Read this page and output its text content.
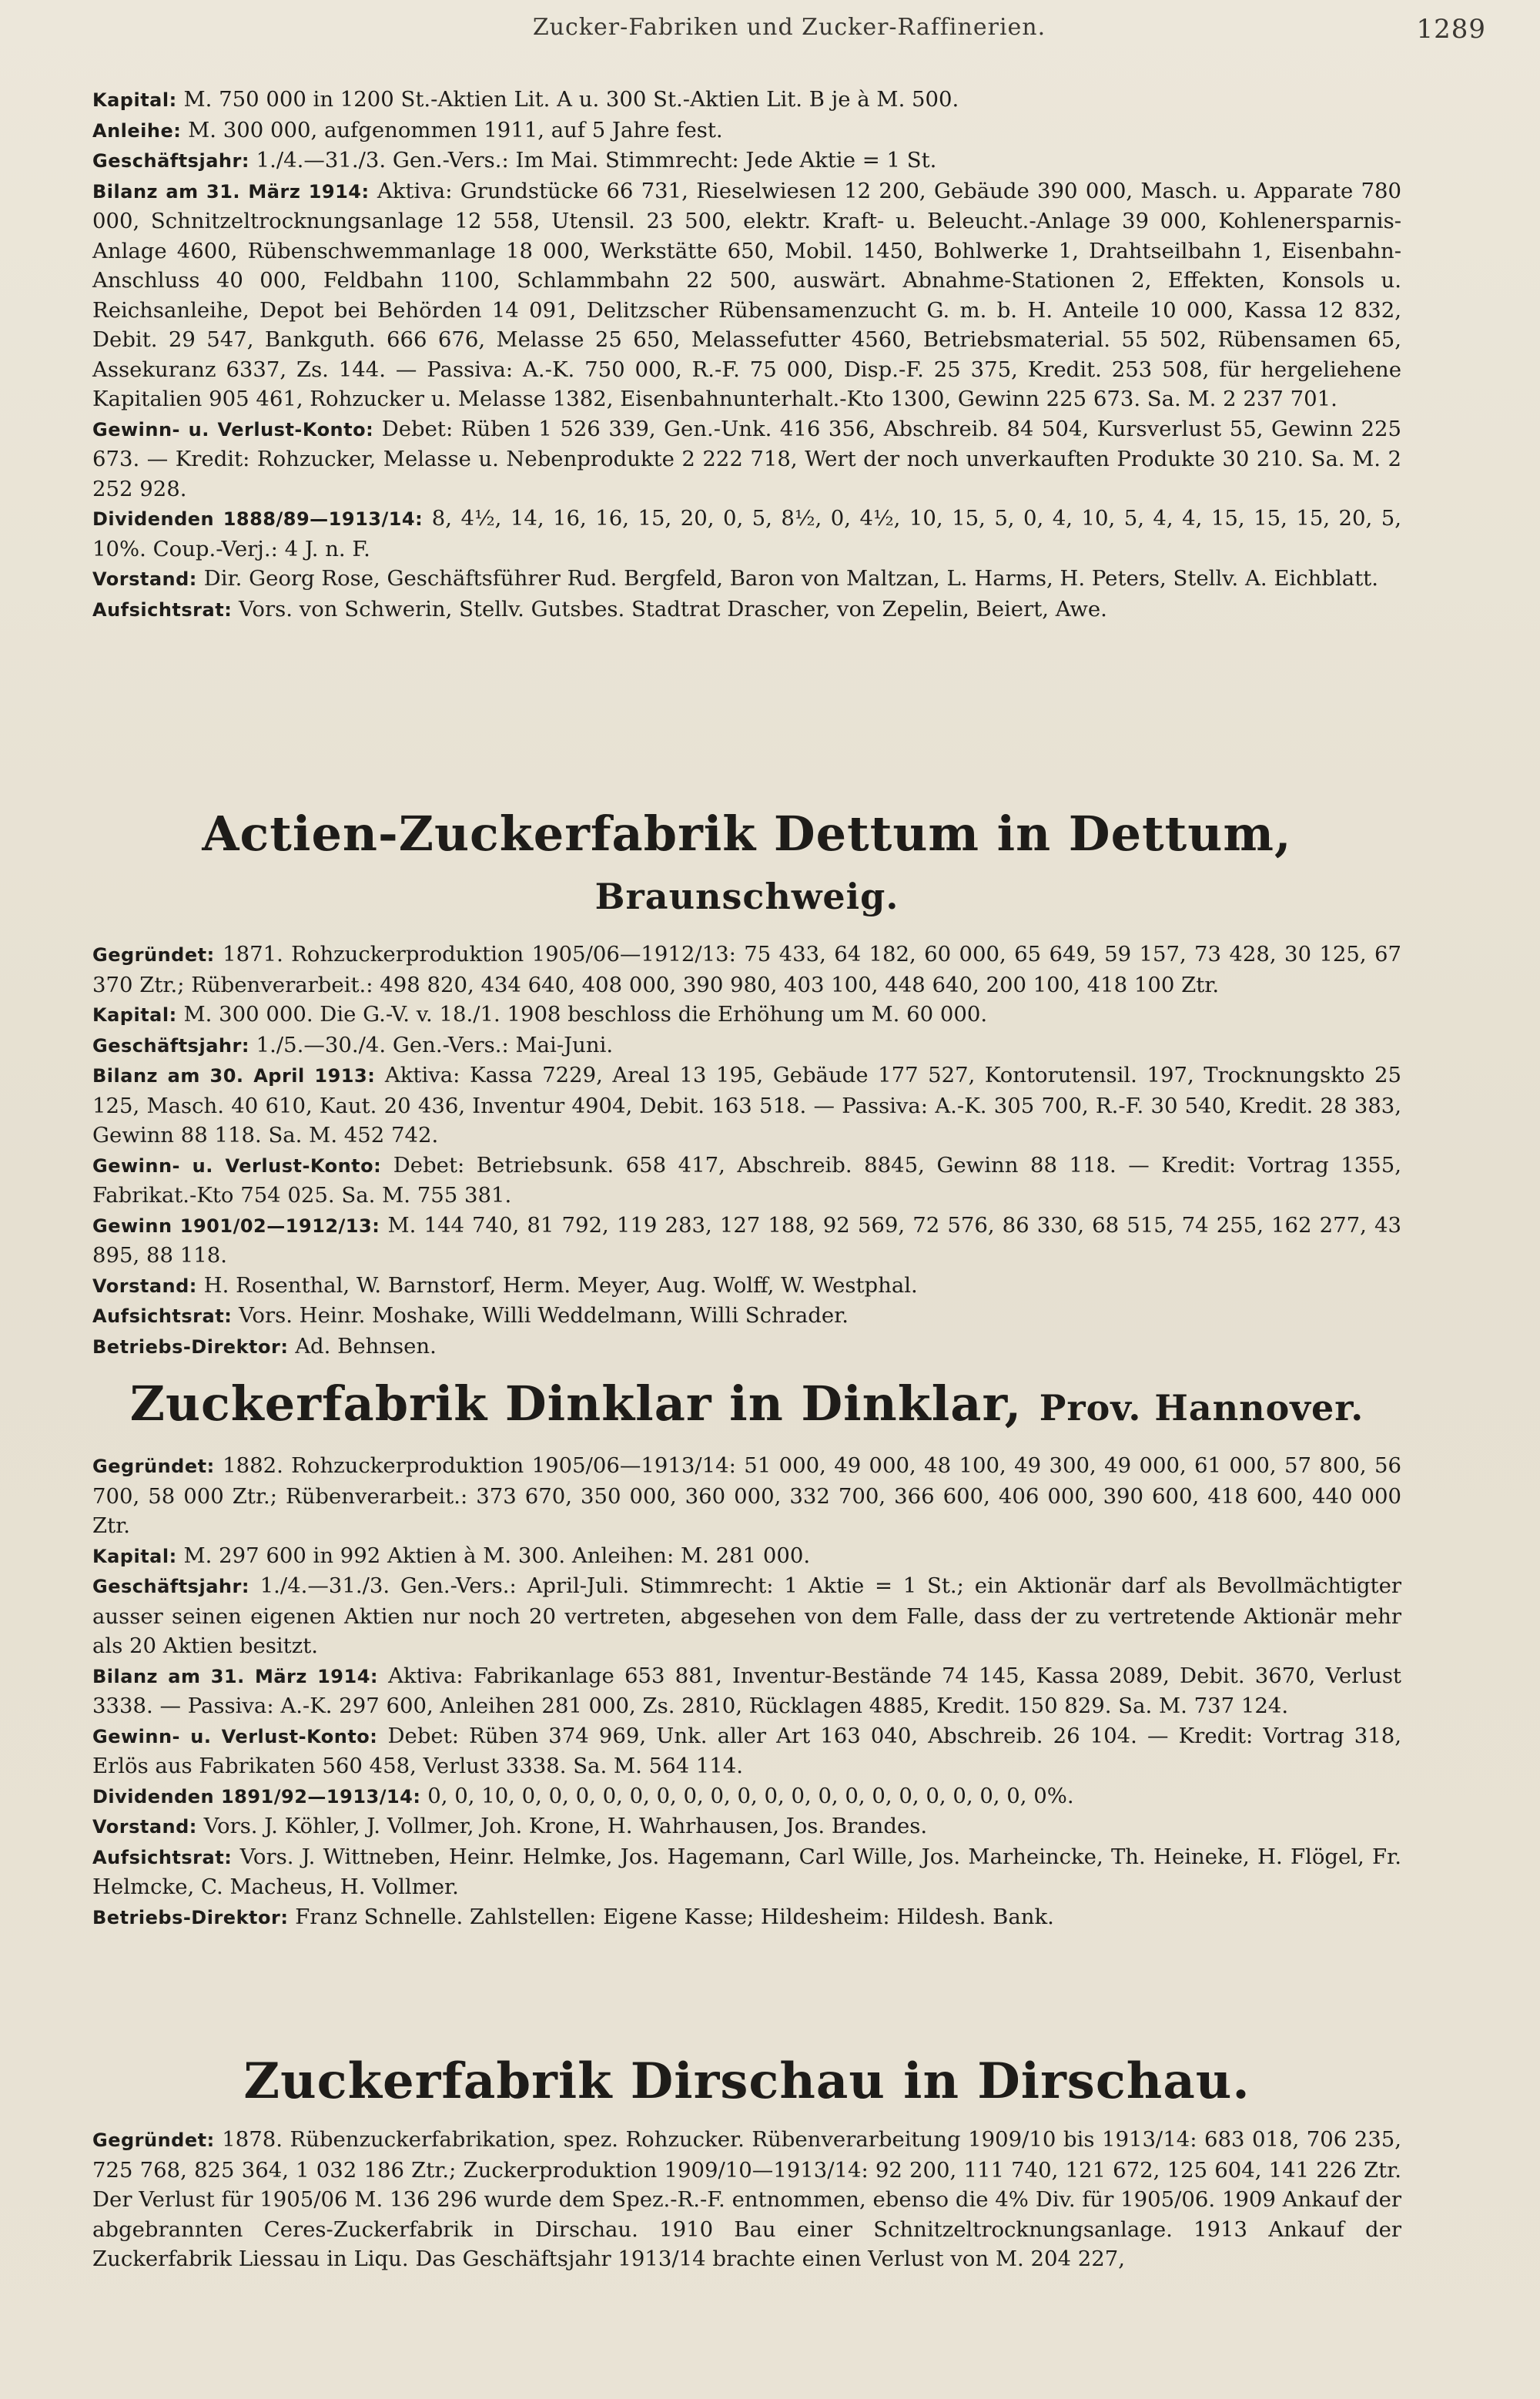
Zucker-Fabriken und Zucker-Raffinerien.	1289

Kapital: M. 750 000 in 1200 St.-Aktien Lit. A u. 300 St.-Aktien Lit. B je à M. 500.

Anleihe: M. 300 000, aufgenommen 1911, auf 5 Jahre fest.

Geschäftsjahr: 1./4.—31./3. Gen.-Vers.: Im Mai. Stimmrecht: Jede Aktie = 1 St.

Bilanz am 31. März 1914: Aktiva: Grundstücke 66 731, Rieselwiesen 12 200, Gebäude 390 000, Masch. u. Apparate 780 000, Schnitzeltrocknungsanlage 12 558, Utensil. 23 500, elektr. Kraft- u. Beleucht.-Anlage 39 000, Kohlenersparnis-Anlage 4600, Rübenschwemmanlage 18 000, Werkstätte 650, Mobil. 1450, Bohlwerke 1, Drahtseilbahn 1, Eisenbahn-Anschluss 40 000, Feldbahn 1100, Schlammbahn 22 500, auswärt. Abnahme-Stationen 2, Effekten, Konsols u. Reichsanleihe, Depot bei Behörden 14 091, Delitzscher Rübensamenzucht G. m. b. H. Anteile 10 000, Kassa 12 832, Debit. 29 547, Bankguth. 666 676, Melasse 25 650, Melassefutter 4560, Betriebsmaterial. 55 502, Rübensamen 65, Assekuranz 6337, Zs. 144. — Passiva: A.-K. 750 000, R.-F. 75 000, Disp.-F. 25 375, Kredit. 253 508, für hergeliehene Kapitalien 905 461, Rohzucker u. Melasse 1382, Eisenbahnunterhalt.-Kto 1300, Gewinn 225 673. Sa. M. 2 237 701.

Gewinn- u. Verlust-Konto: Debet: Rüben 1 526 339, Gen.-Unk. 416 356, Abschreib. 84 504, Kursverlust 55, Gewinn 225 673. — Kredit: Rohzucker, Melasse u. Nebenprodukte 2 222 718, Wert der noch unverkauften Produkte 30 210. Sa. M. 2 252 928.

Dividenden 1888/89—1913/14: 8, 4½, 14, 16, 16, 15, 20, 0, 5, 8½, 0, 4½, 10, 15, 5, 0, 4, 10, 5, 4, 4, 15, 15, 15, 20, 5, 10%. Coup.-Verj.: 4 J. n. F.

Vorstand: Dir. Georg Rose, Geschäftsführer Rud. Bergfeld, Baron von Maltzan, L. Harms, H. Peters, Stellv. A. Eichblatt.

Aufsichtsrat: Vors. von Schwerin, Stellv. Gutsbes. Stadtrat Drascher, von Zepelin, Beiert, Awe.

Actien-Zuckerfabrik Dettum in Dettum, Braunschweig.

Gegründet: 1871. Rohzuckerproduktion 1905/06—1912/13: 75 433, 64 182, 60 000, 65 649, 59 157, 73 428, 30 125, 67 370 Ztr.; Rübenverarbeit.: 498 820, 434 640, 408 000, 390 980, 403 100, 448 640, 200 100, 418 100 Ztr.

Kapital: M. 300 000. Die G.-V. v. 18./1. 1908 beschloss die Erhöhung um M. 60 000.

Geschäftsjahr: 1./5.—30./4. Gen.-Vers.: Mai-Juni.

Bilanz am 30. April 1913: Aktiva: Kassa 7229, Areal 13 195, Gebäude 177 527, Kontorutensil. 197, Trocknungskto 25 125, Masch. 40 610, Kaut. 20 436, Inventur 4904, Debit. 163 518. — Passiva: A.-K. 305 700, R.-F. 30 540, Kredit. 28 383, Gewinn 88 118. Sa. M. 452 742.

Gewinn- u. Verlust-Konto: Debet: Betriebsunk. 658 417, Abschreib. 8845, Gewinn 88 118. — Kredit: Vortrag 1355, Fabrikat.-Kto 754 025. Sa. M. 755 381.

Gewinn 1901/02—1912/13: M. 144 740, 81 792, 119 283, 127 188, 92 569, 72 576, 86 330, 68 515, 74 255, 162 277, 43 895, 88 118.

Vorstand: H. Rosenthal, W. Barnstorf, Herm. Meyer, Aug. Wolff, W. Westphal.

Aufsichtsrat: Vors. Heinr. Moshake, Willi Weddelmann, Willi Schrader.

Betriebs-Direktor: Ad. Behnsen.

Zuckerfabrik Dinklar in Dinklar, Prov. Hannover.

Gegründet: 1882. Rohzuckerproduktion 1905/06—1913/14: 51 000, 49 000, 48 100, 49 300, 49 000, 61 000, 57 800, 56 700, 58 000 Ztr.; Rübenverarbeit.: 373 670, 350 000, 360 000, 332 700, 366 600, 406 000, 390 600, 418 600, 440 000 Ztr.

Kapital: M. 297 600 in 992 Aktien à M. 300. Anleihen: M. 281 000.

Geschäftsjahr: 1./4.—31./3. Gen.-Vers.: April-Juli. Stimmrecht: 1 Aktie = 1 St.; ein Aktionär darf als Bevollmächtigter ausser seinen eigenen Aktien nur noch 20 vertreten, abgesehen von dem Falle, dass der zu vertretende Aktionär mehr als 20 Aktien besitzt.

Bilanz am 31. März 1914: Aktiva: Fabrikanlage 653 881, Inventur-Bestände 74 145, Kassa 2089, Debit. 3670, Verlust 3338. — Passiva: A.-K. 297 600, Anleihen 281 000, Zs. 2810, Rücklagen 4885, Kredit. 150 829. Sa. M. 737 124.

Gewinn- u. Verlust-Konto: Debet: Rüben 374 969, Unk. aller Art 163 040, Abschreib. 26 104. — Kredit: Vortrag 318, Erlös aus Fabrikaten 560 458, Verlust 3338. Sa. M. 564 114.

Dividenden 1891/92—1913/14: 0, 0, 10, 0, 0, 0, 0, 0, 0, 0, 0, 0, 0, 0, 0, 0, 0, 0, 0, 0, 0, 0, 0%.

Vorstand: Vors. J. Köhler, J. Vollmer, Joh. Krone, H. Wahrhausen, Jos. Brandes.

Aufsichtsrat: Vors. J. Wittneben, Heinr. Helmke, Jos. Hagemann, Carl Wille, Jos. Marheincke, Th. Heineke, H. Flögel, Fr. Helmcke, C. Macheus, H. Vollmer.

Betriebs-Direktor: Franz Schnelle. Zahlstellen: Eigene Kasse; Hildesheim: Hildesh. Bank.

Zuckerfabrik Dirschau in Dirschau.

Gegründet: 1878. Rübenzuckerfabrikation, spez. Rohzucker. Rübenverarbeitung 1909/10 bis 1913/14: 683 018, 706 235, 725 768, 825 364, 1 032 186 Ztr.; Zuckerproduktion 1909/10—1913/14: 92 200, 111 740, 121 672, 125 604, 141 226 Ztr. Der Verlust für 1905/06 M. 136 296 wurde dem Spez.-R.-F. entnommen, ebenso die 4% Div. für 1905/06. 1909 Ankauf der abgebrannten Ceres-Zuckerfabrik in Dirschau. 1910 Bau einer Schnitzeltrocknungsanlage. 1913 Ankauf der Zuckerfabrik Liessau in Liqu. Das Geschäftsjahr 1913/14 brachte einen Verlust von M. 204 227,
